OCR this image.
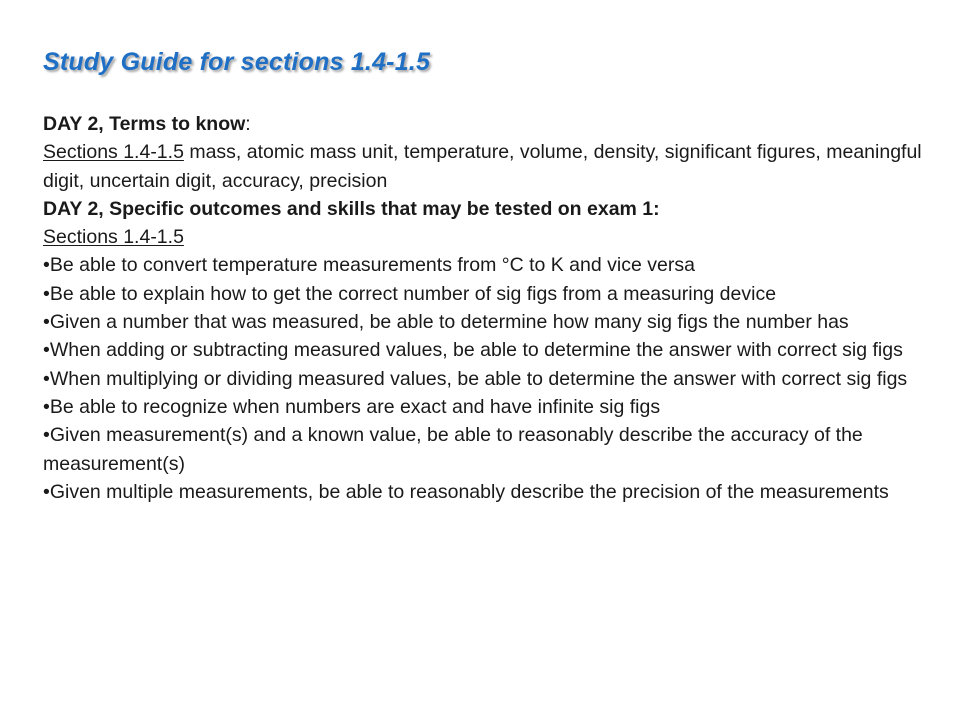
Study Guide for sections 1.4-1.5

DAY 2, Terms to know:

Sections 1.4-1.5 mass, atomic mass unit, temperature, volume, density, significant figures, meaningful digit, uncertain digit, accuracy, precision

DAY 2, Specific outcomes and skills that may be tested on exam 1:

Sections 1.4-1.5

•Be able to convert temperature measurements from °C to K and vice versa

•Be able to explain how to get the correct number of sig figs from a measuring device

•Given a number that was measured, be able to determine how many sig figs the number has

•When adding or subtracting measured values, be able to determine the answer with correct sig figs

•When multiplying or dividing measured values, be able to determine the answer with correct sig figs

•Be able to recognize when numbers are exact and have infinite sig figs

•Given measurement(s) and a known value, be able to reasonably describe the accuracy of the measurement(s)

•Given multiple measurements, be able to reasonably describe the precision of the measurements
